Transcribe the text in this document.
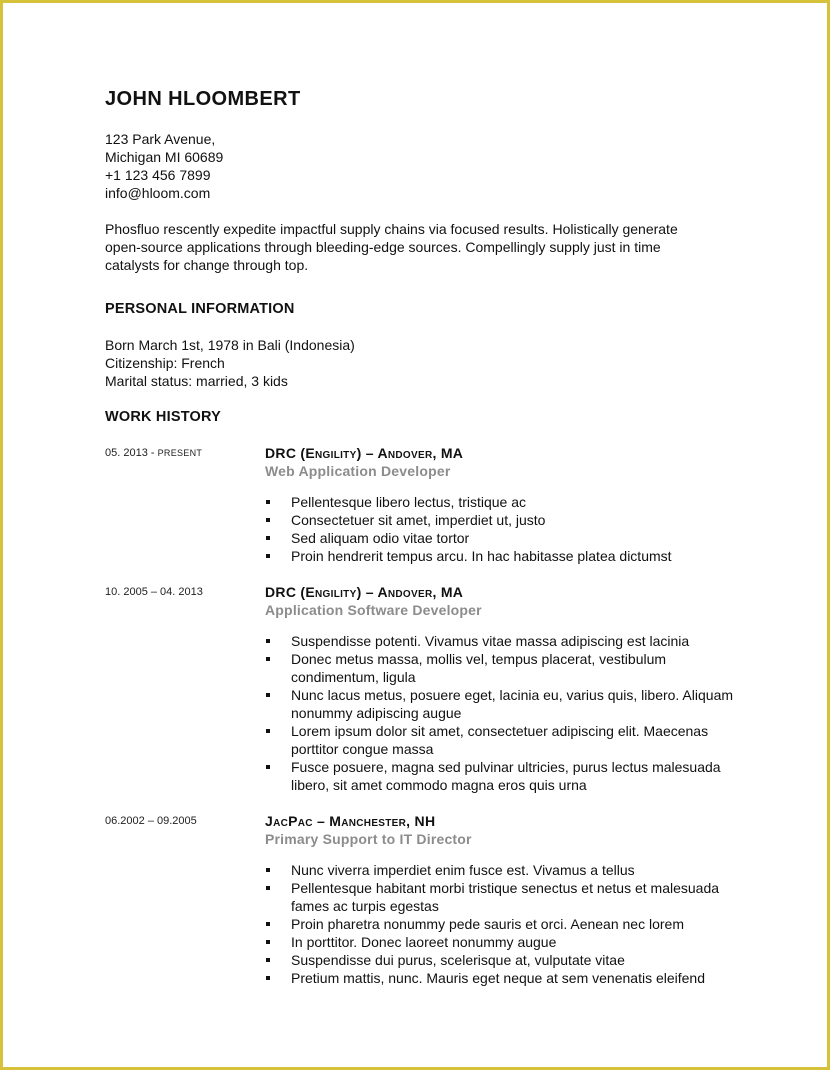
JOHN HLOOMBERT
123 Park Avenue,
Michigan MI 60689
+1 123 456 7899
info@hloom.com
Phosfluo rescently expedite impactful supply chains via focused results. Holistically generate
open-source applications through bleeding-edge sources. Compellingly supply just in time
catalysts for change through top.
PERSONAL INFORMATION
Born March 1st, 1978 in Bali (Indonesia)
Citizenship: French
Marital status: married, 3 kids
WORK HISTORY
05. 2013 - PRESENT	DRC (Engility) – Andover, MA
Web Application Developer
Pellentesque libero lectus, tristique ac
Consectetuer sit amet, imperdiet ut, justo
Sed aliquam odio vitae tortor
Proin hendrerit tempus arcu. In hac habitasse platea dictumst
10. 2005 – 04. 2013	DRC (Engility) – Andover, MA
Application Software Developer
Suspendisse potenti. Vivamus vitae massa adipiscing est lacinia
Donec metus massa, mollis vel, tempus placerat, vestibulum condimentum, ligula
Nunc lacus metus, posuere eget, lacinia eu, varius quis, libero. Aliquam nonummy adipiscing augue
Lorem ipsum dolor sit amet, consectetuer adipiscing elit. Maecenas porttitor congue massa
Fusce posuere, magna sed pulvinar ultricies, purus lectus malesuada libero, sit amet commodo magna eros quis urna
06.2002 – 09.2005	JacPac – Manchester, NH
Primary Support to IT Director
Nunc viverra imperdiet enim fusce est. Vivamus a tellus
Pellentesque habitant morbi tristique senectus et netus et malesuada fames ac turpis egestas
Proin pharetra nonummy pede sauris et orci. Aenean nec lorem
In porttitor. Donec laoreet nonummy augue
Suspendisse dui purus, scelerisque at, vulputate vitae
Pretium mattis, nunc. Mauris eget neque at sem venenatis eleifend
